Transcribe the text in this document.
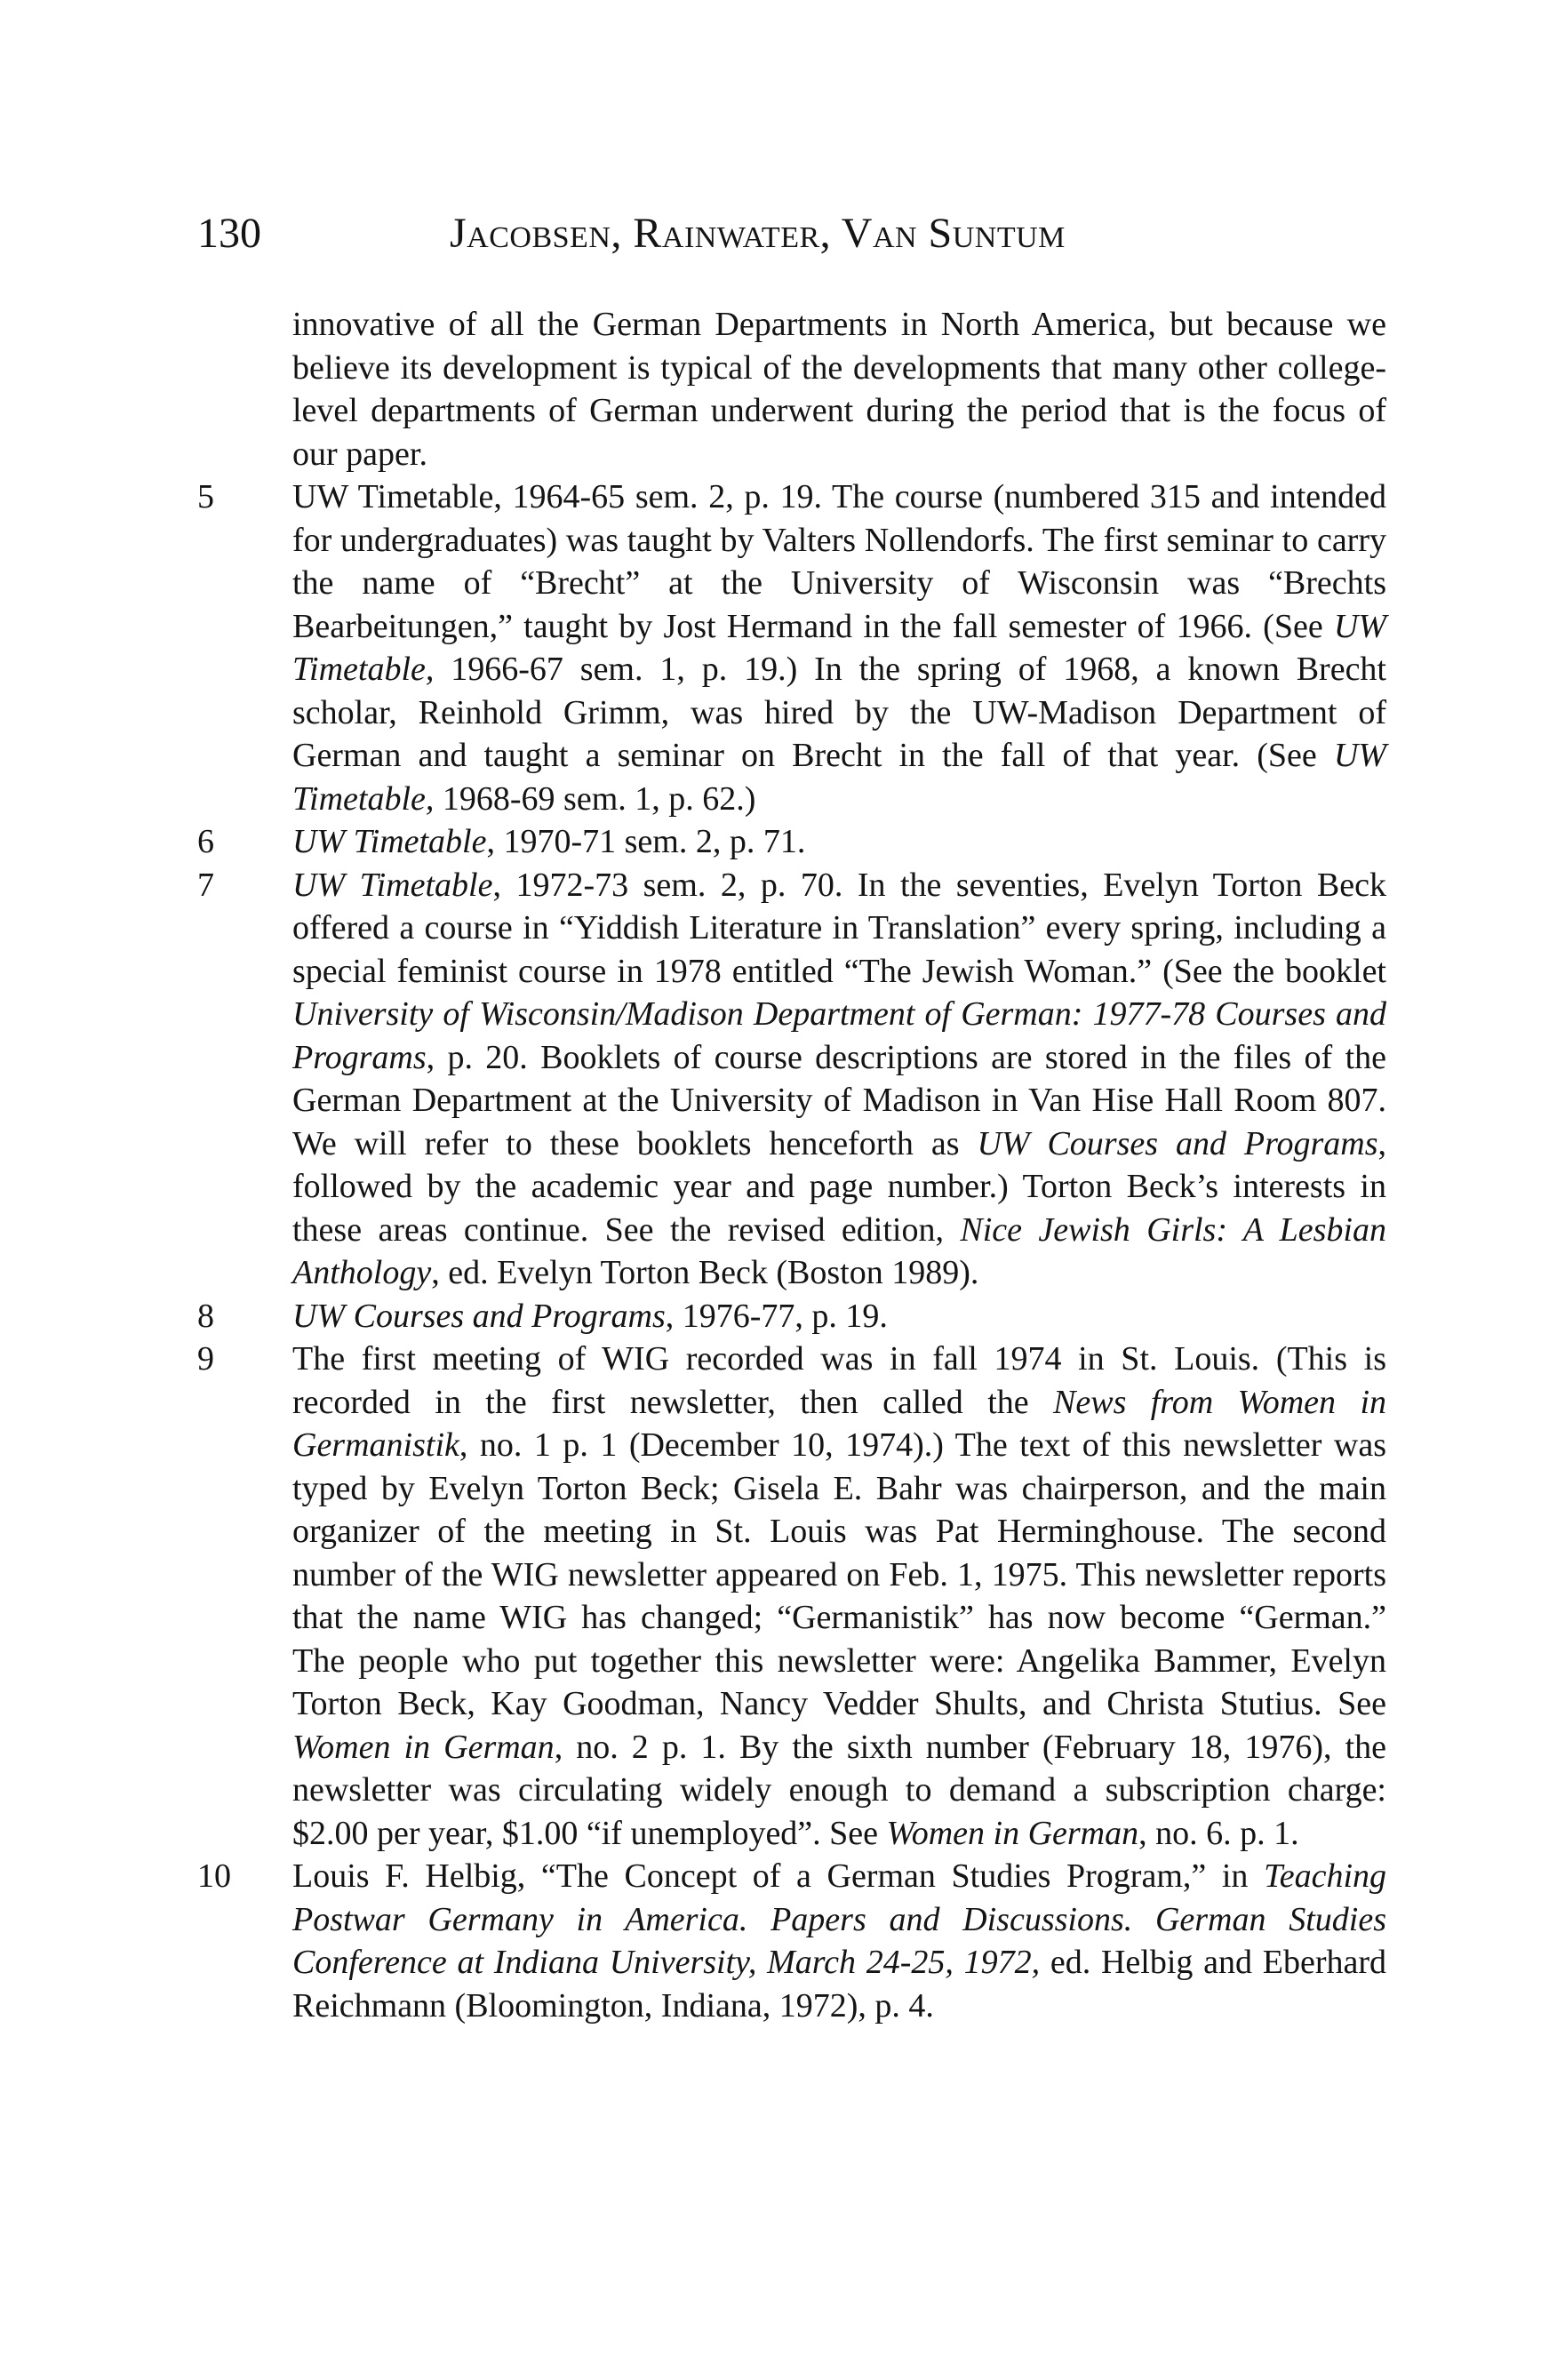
130	Jacobsen, Rainwater, Van Suntum

innovative of all the German Departments in North America, but because we believe its development is typical of the developments that many other college-level departments of German underwent during the period that is the focus of our paper.

5	UW Timetable, 1964-65 sem. 2, p. 19. The course (numbered 315 and intended for undergraduates) was taught by Valters Nollendorfs. The first seminar to carry the name of “Brecht” at the University of Wisconsin was “Brechts Bearbeitungen,” taught by Jost Hermand in the fall semester of 1966. (See UW Timetable, 1966-67 sem. 1, p. 19.) In the spring of 1968, a known Brecht scholar, Reinhold Grimm, was hired by the UW-Madison Department of German and taught a seminar on Brecht in the fall of that year. (See UW Timetable, 1968-69 sem. 1, p. 62.)

6	UW Timetable, 1970-71 sem. 2, p. 71.

7	UW Timetable, 1972-73 sem. 2, p. 70. In the seventies, Evelyn Torton Beck offered a course in “Yiddish Literature in Translation” every spring, including a special feminist course in 1978 entitled “The Jewish Woman.” (See the booklet University of Wisconsin/Madison Department of German: 1977-78 Courses and Programs, p. 20. Booklets of course descriptions are stored in the files of the German Department at the University of Madison in Van Hise Hall Room 807. We will refer to these booklets henceforth as UW Courses and Programs, followed by the academic year and page number.) Torton Beck’s interests in these areas continue. See the revised edition, Nice Jewish Girls: A Lesbian Anthology, ed. Evelyn Torton Beck (Boston 1989).

8	UW Courses and Programs, 1976-77, p. 19.

9	The first meeting of WIG recorded was in fall 1974 in St. Louis. (This is recorded in the first newsletter, then called the News from Women in Germanistik, no. 1 p. 1 (December 10, 1974).) The text of this newsletter was typed by Evelyn Torton Beck; Gisela E. Bahr was chairperson, and the main organizer of the meeting in St. Louis was Pat Herminghouse. The second number of the WIG newsletter appeared on Feb. 1, 1975. This newsletter reports that the name WIG has changed; “Germanistik” has now become “German.” The people who put together this newsletter were: Angelika Bammer, Evelyn Torton Beck, Kay Goodman, Nancy Vedder Shults, and Christa Stutius. See Women in German, no. 2 p. 1. By the sixth number (February 18, 1976), the newsletter was circulating widely enough to demand a subscription charge: $2.00 per year, $1.00 “if unemployed”. See Women in German, no. 6. p. 1.

10	Louis F. Helbig, “The Concept of a German Studies Program,” in Teaching Postwar Germany in America. Papers and Discussions. German Studies Conference at Indiana University, March 24-25, 1972, ed. Helbig and Eberhard Reichmann (Bloomington, Indiana, 1972), p. 4.
